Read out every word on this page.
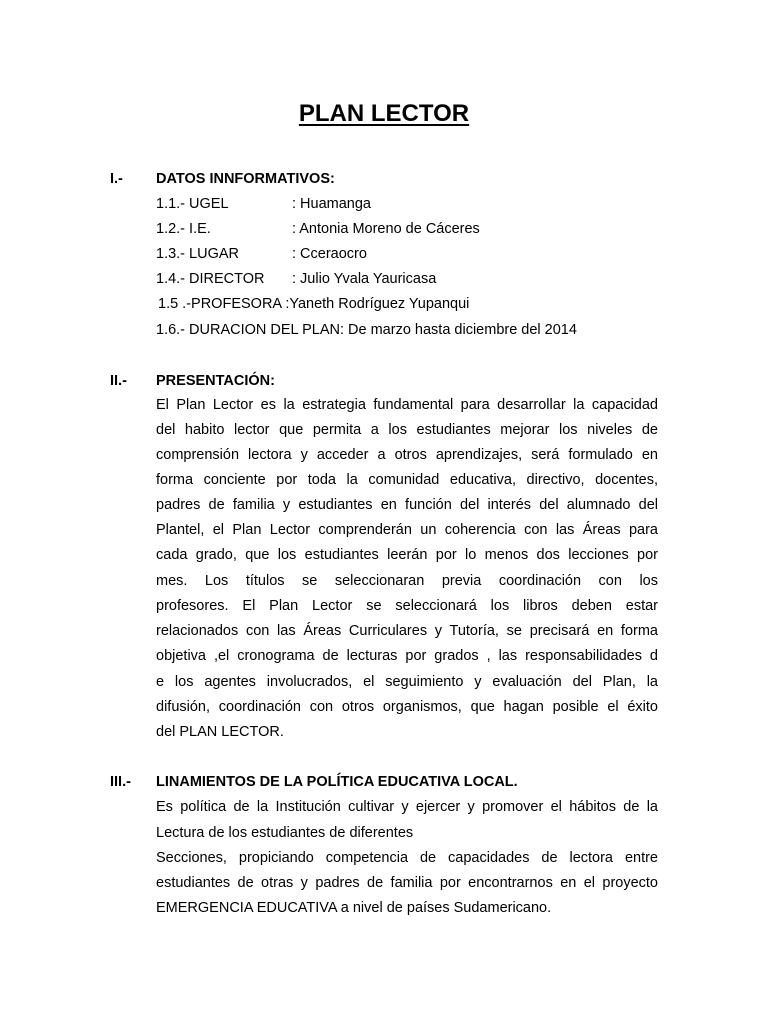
PLAN LECTOR
I.- DATOS INNFORMATIVOS:
1.1.- UGEL	: Huamanga
1.2.- I.E.	: Antonia Moreno de Cáceres
1.3.- LUGAR	: Cceraocro
1.4.- DIRECTOR : Julio Yvala Yauricasa
1.5 .-PROFESORA :Yaneth Rodríguez Yupanqui
1.6.- DURACION DEL PLAN: De marzo hasta diciembre del 2014
II.- PRESENTACIÓN:
El Plan Lector es la estrategia fundamental para desarrollar la capacidad
del habito lector que permita a los estudiantes mejorar los niveles de
comprensión lectora y acceder a otros aprendizajes, será formulado en
forma conciente por toda la comunidad educativa, directivo, docentes,
padres de familia y estudiantes en función del interés del alumnado del
Plantel, el Plan Lector comprenderán un coherencia con las Áreas para
cada grado, que los estudiantes leerán por lo menos dos lecciones por
mes. Los títulos se seleccionaran previa coordinación con los
profesores. El Plan Lector se seleccionará los libros deben estar
relacionados con las Áreas Curriculares y Tutoría, se precisará en forma
objetiva ,el cronograma de lecturas por grados , las responsabilidades d
e los agentes involucrados, el seguimiento y evaluación del Plan, la
difusión, coordinación con otros organismos, que hagan posible el éxito
del PLAN LECTOR.
III.- LINAMIENTOS DE LA POLÍTICA EDUCATIVA LOCAL.
Es política de la Institución cultivar y ejercer y promover el hábitos de la
Lectura de los estudiantes de diferentes
Secciones, propiciando competencia de capacidades de lectora entre
estudiantes de otras y padres de familia por encontrarnos en el proyecto
EMERGENCIA EDUCATIVA a nivel de países Sudamericano.
